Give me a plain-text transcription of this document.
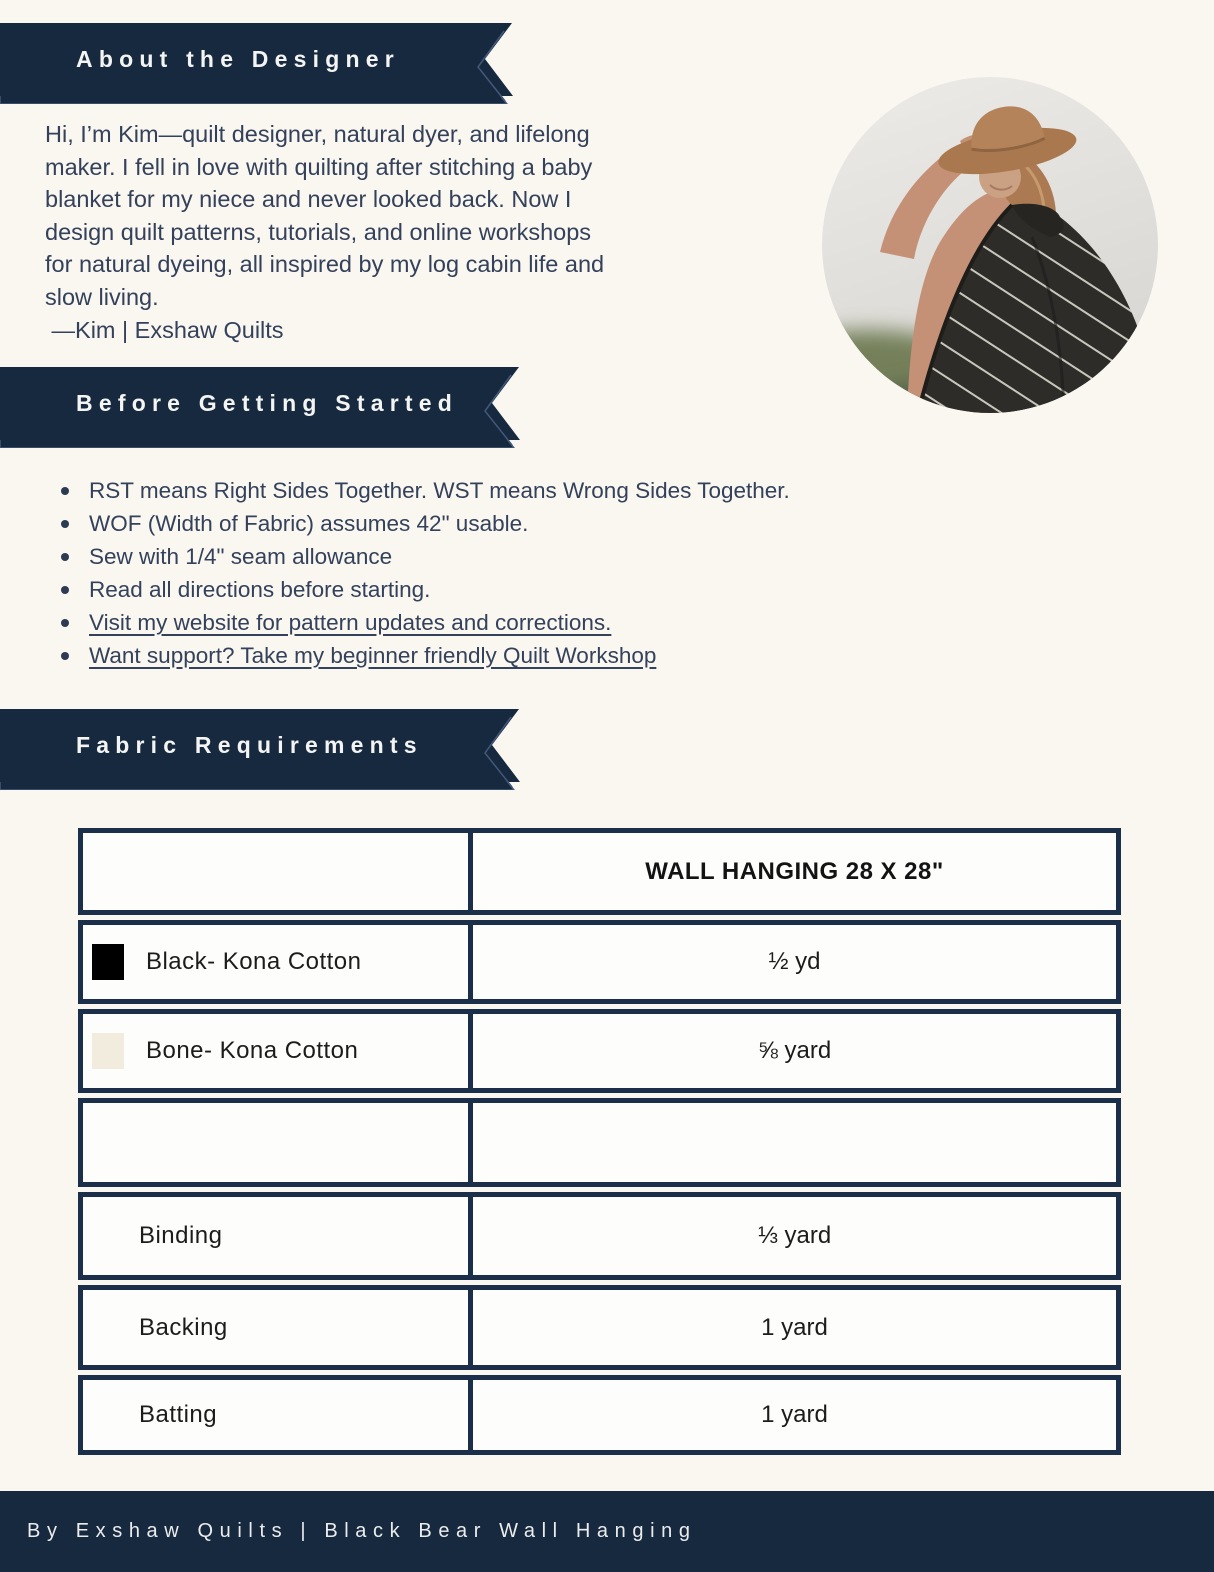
About the Designer
Hi, I’m Kim—quilt designer, natural dyer, and lifelong
maker. I fell in love with quilting after stitching a baby
blanket for my niece and never looked back. Now I
design quilt patterns, tutorials, and online workshops
for natural dyeing, all inspired by my log cabin life and
slow living.
—Kim | Exshaw Quilts
Before Getting Started
RST means Right Sides Together. WST means Wrong Sides Together.
WOF (Width of Fabric) assumes 42" usable.
Sew with 1/4" seam allowance
Read all directions before starting.
Visit my website for pattern updates and corrections.
Want support? Take my beginner friendly Quilt Workshop
Fabric Requirements
WALL HANGING 28 X 28"
Black- Kona Cotton	½ yd
Bone- Kona Cotton	⅝ yard
Binding	⅓ yard
Backing	1 yard
Batting	1 yard
By Exshaw Quilts | Black Bear Wall Hanging
